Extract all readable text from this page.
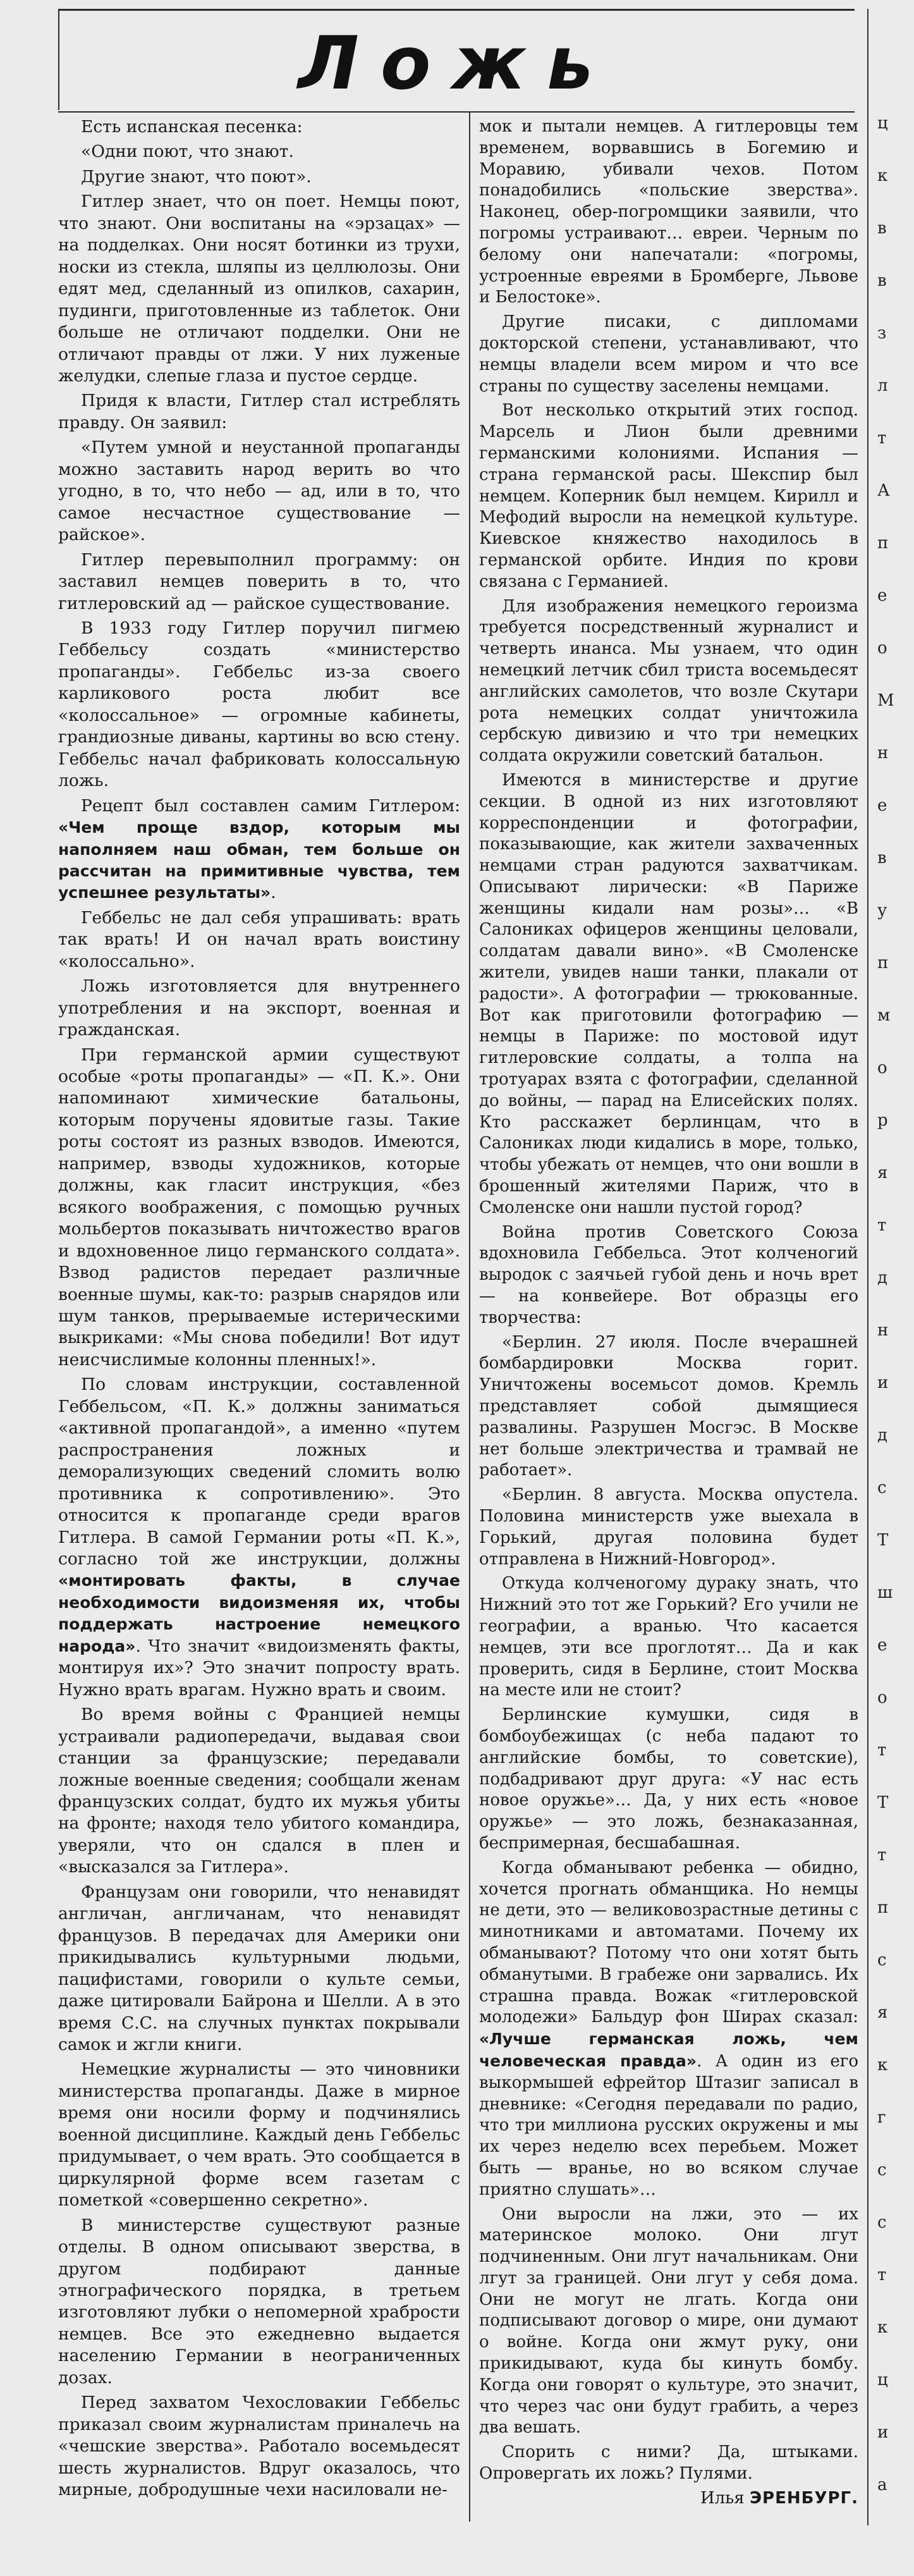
Ложь

Есть испанская песенка:

«Одни поют, что знают.

Другие знают, что поют».

Гитлер знает, что он поет. Немцы поют, что знают. Они воспитаны на «эрзацах» — на подделках. Они носят ботинки из трухи, носки из стекла, шляпы из целлюлозы. Они едят мед, сделанный из опилков, сахарин, пудинги, приготовленные из таблеток. Они больше не отличают подделки. Они не отличают правды от лжи. У них луженые желудки, слепые глаза и пустое сердце.

Придя к власти, Гитлер стал истреблять правду. Он заявил:

«Путем умной и неустанной пропаганды можно заставить народ верить во что угодно, в то, что небо — ад, или в то, что самое несчастное существование — райское».

Гитлер перевыполнил программу: он заставил немцев поверить в то, что гитлеровский ад — райское существование.

В 1933 году Гитлер поручил пигмею Геббельсу создать «министерство пропаганды». Геббельс из-за своего карликового роста любит все «колоссальное» — огромные кабинеты, грандиозные диваны, картины во всю стену. Геббельс начал фабриковать колоссальную ложь.

Рецепт был составлен самим Гитлером: «Чем проще вздор, которым мы наполняем наш обман, тем больше он рассчитан на примитивные чувства, тем успешнее результаты».

Геббельс не дал себя упрашивать: врать так врать! И он начал врать воистину «колоссально».

Ложь изготовляется для внутреннего употребления и на экспорт, военная и гражданская.

При германской армии существуют особые «роты пропаганды» — «П. К.». Они напоминают химические батальоны, которым поручены ядовитые газы. Такие роты состоят из разных взводов. Имеются, например, взводы художников, которые должны, как гласит инструкция, «без всякого воображения, с помощью ручных мольбертов показывать ничтожество врагов и вдохновенное лицо германского солдата». Взвод радистов передает различные военные шумы, как-то: разрыв снарядов или шум танков, прерываемые истерическими выкриками: «Мы снова победили! Вот идут неисчислимые колонны пленных!».

По словам инструкции, составленной Геббельсом, «П. К.» должны заниматься «активной пропагандой», а именно «путем распространения ложных и деморализующих сведений сломить волю противника к сопротивлению». Это относится к пропаганде среди врагов Гитлера. В самой Германии роты «П. К.», согласно той же инструкции, должны «монтировать факты, в случае необходимости видоизменяя их, чтобы поддержать настроение немецкого народа». Что значит «видоизменять факты, монтируя их»? Это значит попросту врать. Нужно врать врагам. Нужно врать и своим.

Во время войны с Францией немцы устраивали радиопередачи, выдавая свои станции за французские; передавали ложные военные сведения; сообщали женам французских солдат, будто их мужья убиты на фронте; находя тело убитого командира, уверяли, что он сдался в плен и «высказался за Гитлера».

Французам они говорили, что ненавидят англичан, англичанам, что ненавидят французов. В передачах для Америки они прикидывались культурными людьми, пацифистами, говорили о культе семьи, даже цитировали Байрона и Шелли. А в это время С.С. на случных пунктах покрывали самок и жгли книги.

Немецкие журналисты — это чиновники министерства пропаганды. Даже в мирное время они носили форму и подчинялись военной дисциплине. Каждый день Геббельс придумывает, о чем врать. Это сообщается в циркулярной форме всем газетам с пометкой «совершенно секретно».

В министерстве существуют разные отделы. В одном описывают зверства, в другом подбирают данные этнографического порядка, в третьем изготовляют лубки о непомерной храбрости немцев. Все это ежедневно выдается населению Германии в неограниченных дозах.

Перед захватом Чехословакии Геббельс приказал своим журналистам приналечь на «чешские зверства». Работало восемьдесят шесть журналистов. Вдруг оказалось, что мирные, добродушные чехи насиловали не-

мок и пытали немцев. А гитлеровцы тем временем, ворвавшись в Богемию и Моравию, убивали чехов. Потом понадобились «польские зверства». Наконец, обер-погромщики заявили, что погромы устраивают… евреи. Черным по белому они напечатали: «погромы, устроенные евреями в Бромберге, Львове и Белостоке».

Другие писаки, с дипломами докторской степени, устанавливают, что немцы владели всем миром и что все страны по существу заселены немцами.

Вот несколько открытий этих господ. Марсель и Лион были древними германскими колониями. Испания — страна германской расы. Шекспир был немцем. Коперник был немцем. Кирилл и Мефодий выросли на немецкой культуре. Киевское княжество находилось в германской орбите. Индия по крови связана с Германией.

Для изображения немецкого героизма требуется посредственный журналист и четверть инанса. Мы узнаем, что один немецкий летчик сбил триста восемьдесят английских самолетов, что возле Скутари рота немецких солдат уничтожила сербскую дивизию и что три немецких солдата окружили советский батальон.

Имеются в министерстве и другие секции. В одной из них изготовляют корреспонденции и фотографии, показывающие, как жители захваченных немцами стран радуются захватчикам. Описывают лирически: «В Париже женщины кидали нам розы»… «В Салониках офицеров женщины целовали, солдатам давали вино». «В Смоленске жители, увидев наши танки, плакали от радости». А фотографии — трюкованные. Вот как приготовили фотографию — немцы в Париже: по мостовой идут гитлеровские солдаты, а толпа на тротуарах взята с фотографии, сделанной до войны, — парад на Елисейских полях. Кто расскажет берлинцам, что в Салониках люди кидались в море, только, чтобы убежать от немцев, что они вошли в брошенный жителями Париж, что в Смоленске они нашли пустой город?

Война против Советского Союза вдохновила Геббельса. Этот колченогий выродок с заячьей губой день и ночь врет — на конвейере. Вот образцы его творчества:

«Берлин. 27 июля. После вчерашней бомбардировки Москва горит. Уничтожены восемьсот домов. Кремль представляет собой дымящиеся развалины. Разрушен Мосгэс. В Москве нет больше электричества и трамвай не работает».

«Берлин. 8 августа. Москва опустела. Половина министерств уже выехала в Горький, другая половина будет отправлена в Нижний-Новгород».

Откуда колченогому дураку знать, что Нижний это тот же Горький? Его учили не географии, а вранью. Что касается немцев, эти все проглотят… Да и как проверить, сидя в Берлине, стоит Москва на месте или не стоит?

Берлинские кумушки, сидя в бомбоубежищах (с неба падают то английские бомбы, то советские), подбадривают друг друга: «У нас есть новое оружье»… Да, у них есть «новое оружье» — это ложь, безнаказанная, беспримерная, бесшабашная.

Когда обманывают ребенка — обидно, хочется прогнать обманщика. Но немцы не дети, это — великовозрастные детины с минотниками и автоматами. Почему их обманывают? Потому что они хотят быть обманутыми. В грабеже они зарвались. Их страшна правда. Вожак «гитлеровской молодежи» Бальдур фон Ширах сказал: «Лучше германская ложь, чем человеческая правда». А один из его выкормышей ефрейтор Штазиг записал в дневнике: «Сегодня передавали по радио, что три миллиона русских окружены и мы их через неделю всех перебьем. Может быть — вранье, но во всяком случае приятно слушать»…

Они выросли на лжи, это — их материнское молоко. Они лгут подчиненным. Они лгут начальникам. Они лгут за границей. Они лгут у себя дома. Они не могут не лгать. Когда они подписывают договор о мире, они думают о войне. Когда они жмут руку, они прикидывают, куда бы кинуть бомбу. Когда они говорят о культуре, это значит, что через час они будут грабить, а через два вешать.

Спорить с ними? Да, штыками. Опровергать их ложь? Пулями.

Илья ЭРЕНБУРГ.

ц
к
в
в
з
л
т
А
п
е
о
М
н
е
в
у
п
м
о
р
я
т
д
н
и
д
с
Т
ш
е
о
т
Т
т
п
с
я
к
г
с
с
т
к
ц
и
а
